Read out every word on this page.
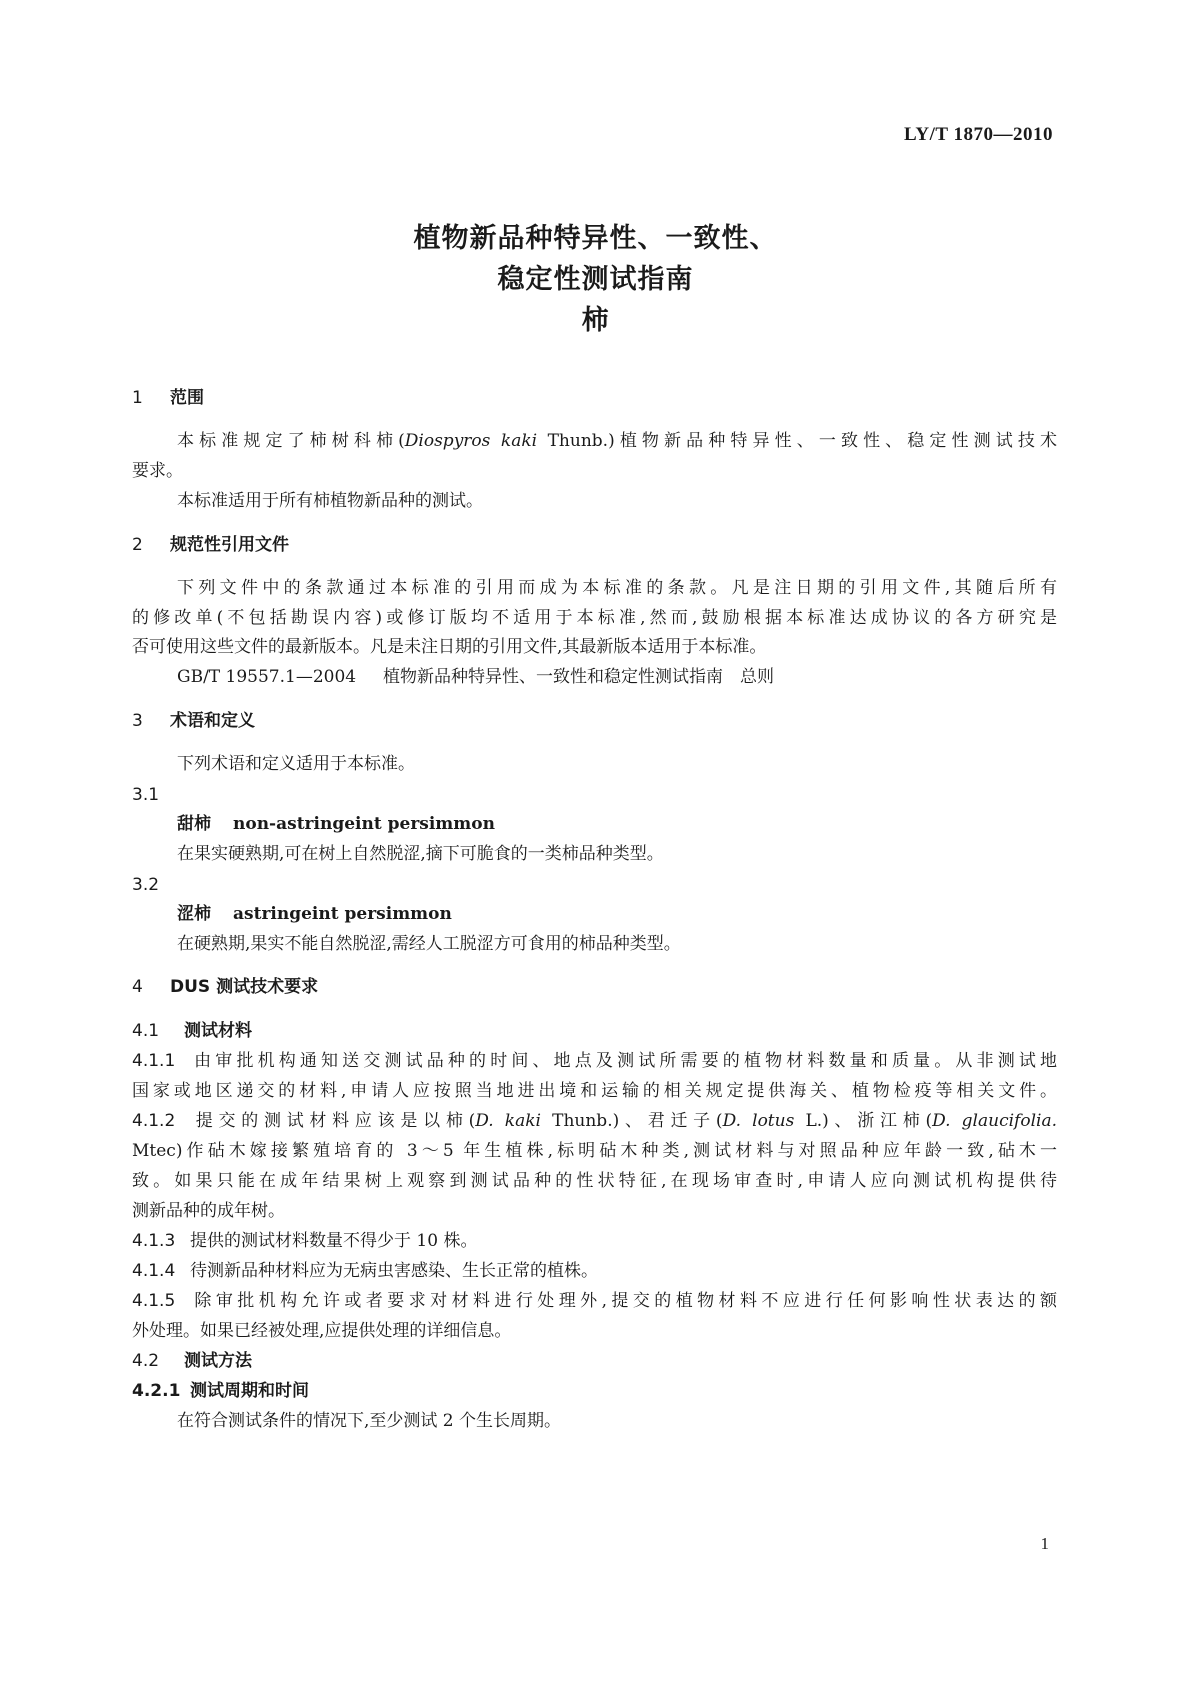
LY/T 1870—2010
植物新品种特异性、一致性、
稳定性测试指南
柿
1 范围
本标准规定了柿树科柿(Diospyros kaki Thunb.)植物新品种特异性、一致性、稳定性测试技术
要求。
本标准适用于所有柿植物新品种的测试。
2 规范性引用文件
下列文件中的条款通过本标准的引用而成为本标准的条款。凡是注日期的引用文件,其随后所有
的修改单(不包括勘误内容)或修订版均不适用于本标准,然而,鼓励根据本标准达成协议的各方研究是
否可使用这些文件的最新版本。凡是未注日期的引用文件,其最新版本适用于本标准。
GB/T 19557.1—2004 植物新品种特异性、一致性和稳定性测试指南　总则
3 术语和定义
下列术语和定义适用于本标准。
3.1
甜柿 non-astringeint persimmon
在果实硬熟期,可在树上自然脱涩,摘下可脆食的一类柿品种类型。
3.2
涩柿 astringeint persimmon
在硬熟期,果实不能自然脱涩,需经人工脱涩方可食用的柿品种类型。
4 DUS 测试技术要求
4.1 测试材料
4.1.1 由审批机构通知送交测试品种的时间、地点及测试所需要的植物材料数量和质量。从非测试地
国家或地区递交的材料,申请人应按照当地进出境和运输的相关规定提供海关、植物检疫等相关文件。
4.1.2 提交的测试材料应该是以柿(D. kaki Thunb.)、君迁子(D. lotus L.)、浙江柿(D. glaucifolia.
Mtec)作砧木嫁接繁殖培育的 3～5 年生植株,标明砧木种类,测试材料与对照品种应年龄一致,砧木一
致。如果只能在成年结果树上观察到测试品种的性状特征,在现场审查时,申请人应向测试机构提供待
测新品种的成年树。
4.1.3 提供的测试材料数量不得少于 10 株。
4.1.4 待测新品种材料应为无病虫害感染、生长正常的植株。
4.1.5 除审批机构允许或者要求对材料进行处理外,提交的植物材料不应进行任何影响性状表达的额
外处理。如果已经被处理,应提供处理的详细信息。
4.2 测试方法
4.2.1 测试周期和时间
在符合测试条件的情况下,至少测试 2 个生长周期。
1
